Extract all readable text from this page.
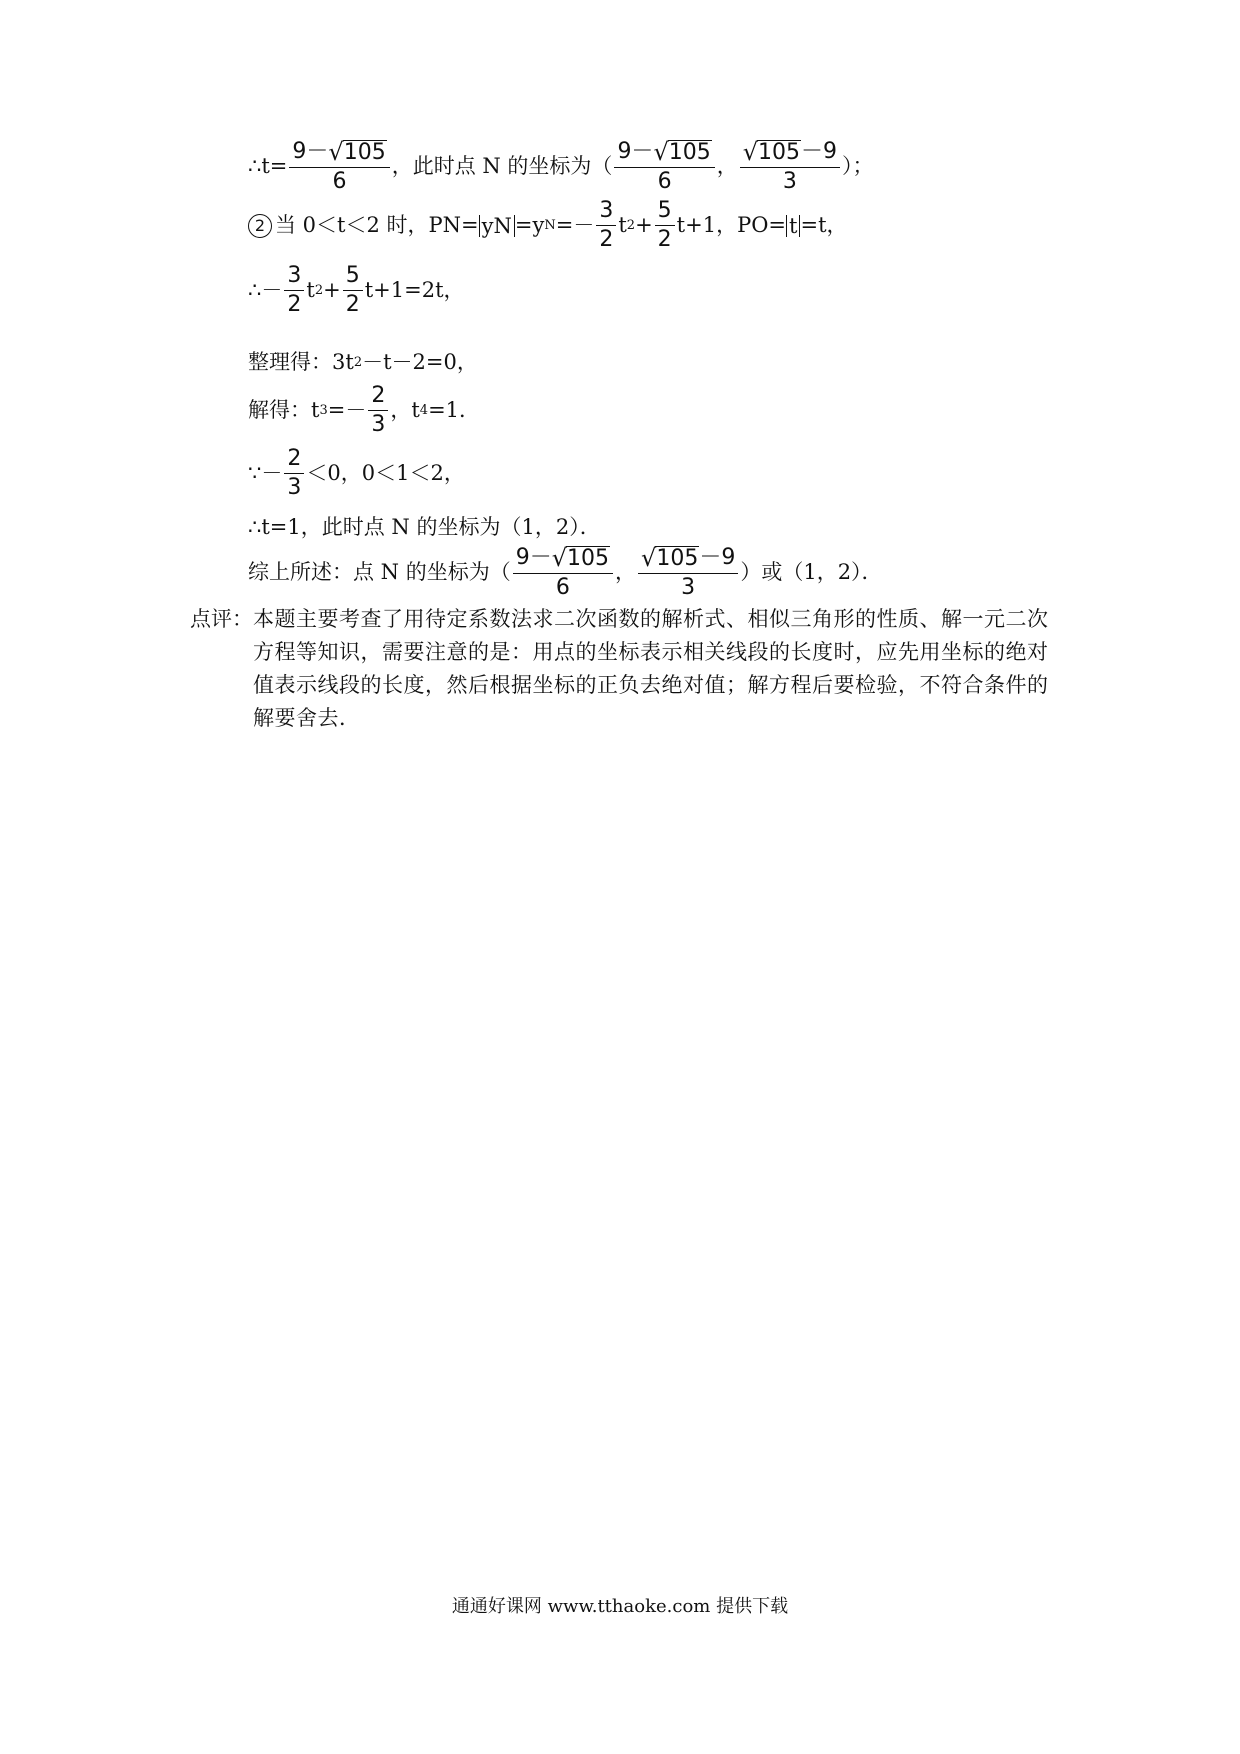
∴t= $\frac{9- √ 105}{6}$ ，此时点 N 的坐标为（ $\frac{9- √ 105}{6}$ ， $\frac{√ 105 -9}{3}$ ）；
2 当 0＜t＜2 时，PN= yN =y $N =- \frac{3}{2}$ t $2 + \frac{5}{2} t+1$，PO= t =t，
∴－ $\frac{3}{2}$ t $2 + \frac{5}{2} t+1=2t$，
整理得：3t 2 －t－2=0，
解得：t $3 =- \frac{2}{3}$ ，t 4 =1．
∵－ $\frac{2}{3} <0$，0＜1＜2，
∴t=1，此时点 N 的坐标为（1，2）．
综上所述：点 N 的坐标为（ $\frac{9- √ 105}{6}$ ， $\frac{√ 105 -9}{3}$ ）或（1，2）．
点评： 本题主要考查了用待定系数法求二次函数的解析式、相似三角形的性质、解一元二次方程等知识，需要注意的是：用点的坐标表示相关线段的长度时，应先用坐标的绝对值表示线段的长度，然后根据坐标的正负去绝对值；解方程后要检验，不符合条件的解要舍去．
通通好课网 www.tthaoke.com 提供下载
